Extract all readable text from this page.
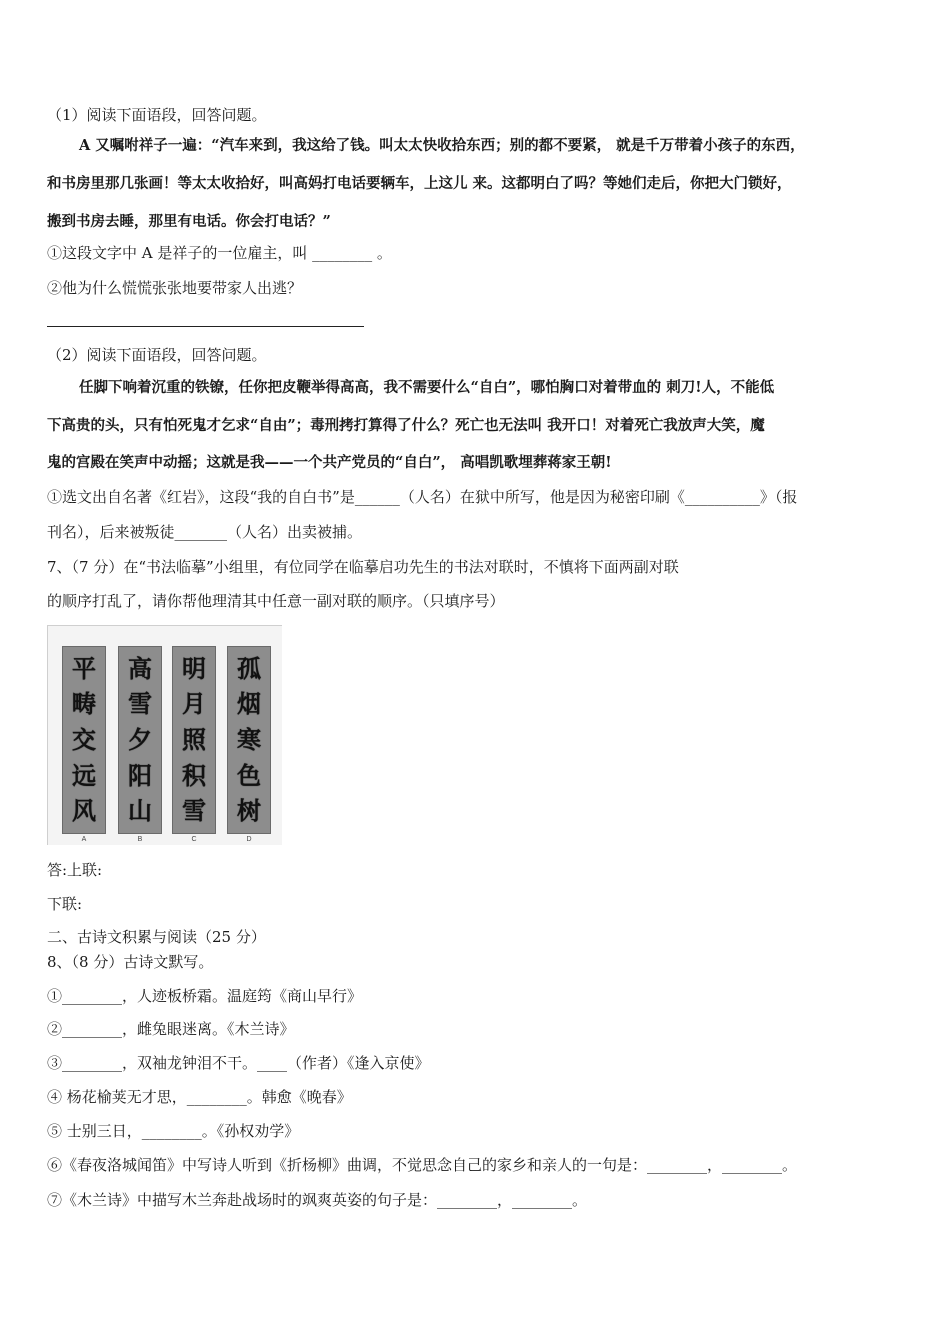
（1）阅读下面语段，回答问题。
A 又嘱咐祥子一遍：“汽车来到，我这给了钱。叫太太快收拾东西；别的都不要紧， 就是千万带着小孩子的东西，
和书房里那几张画！等太太收拾好，叫高妈打电话要辆车，上这儿 来。这都明白了吗？等她们走后，你把大门锁好，
搬到书房去睡，那里有电话。你会打电话？”
①这段文字中 A 是祥子的一位雇主，叫 ________ 。
②他为什么慌慌张张地要带家人出逃？
（2）阅读下面语段，回答问题。
任脚下响着沉重的铁镣，任你把皮鞭举得高高，我不需要什么“自白”，哪怕胸口对着带血的 刺刀!人，不能低
下高贵的头，只有怕死鬼才乞求“自由”；毒刑拷打算得了什么？死亡也无法叫 我开口！对着死亡我放声大笑，魔
鬼的宫殿在笑声中动摇；这就是我——一个共产党员的“自白”， 高唱凯歌埋葬蒋家王朝!
①选文出自名著《红岩》，这段“我的自白书”是______（人名）在狱中所写，他是因为秘密印刷《__________》（报
刊名），后来被叛徒_______（人名）出卖被捕。
7、（7 分）在“书法临摹”小组里，有位同学在临摹启功先生的书法对联时，不慎将下面两副对联
的顺序打乱了，请你帮他理清其中任意一副对联的顺序。（只填序号）
平
畴
交
远
风
A
高
雪
夕
阳
山
B
明
月
照
积
雪
C
孤
烟
寒
色
树
D
答:上联:
下联:
二、古诗文积累与阅读（25 分）
8、（8 分）古诗文默写。
①________，人迹板桥霜。温庭筠《商山早行》
②________，雌兔眼迷离。《木兰诗》
③________，双袖龙钟泪不干。____（作者）《逢入京使》
④ 杨花榆荚无才思，________。韩愈《晚春》
⑤ 士别三日，________。《孙权劝学》
⑥《春夜洛城闻笛》中写诗人听到《折杨柳》曲调，不觉思念自己的家乡和亲人的一句是：________，________。
⑦《木兰诗》中描写木兰奔赴战场时的飒爽英姿的句子是：________，________。
